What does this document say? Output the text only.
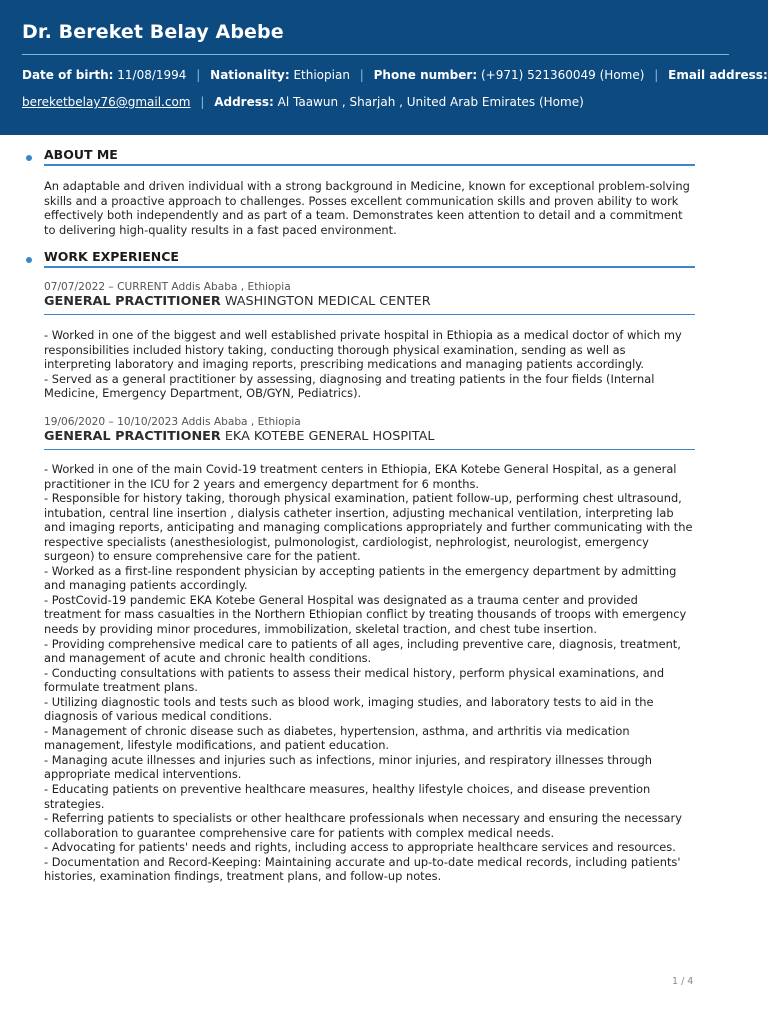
Dr. Bereket Belay Abebe
Date of birth: 11/08/1994 | Nationality: Ethiopian | Phone number: (+971) 521360049 (Home) | Email address:
bereketbelay76@gmail.com | Address: Al Taawun , Sharjah , United Arab Emirates (Home)
ABOUT ME
An adaptable and driven individual with a strong background in Medicine, known for exceptional problem-solving skills and a proactive approach to challenges. Posses excellent communication skills and proven ability to work effectively both independently and as part of a team. Demonstrates keen attention to detail and a commitment to delivering high-quality results in a fast paced environment.
WORK EXPERIENCE
07/07/2022 – CURRENT Addis Ababa , Ethiopia
GENERAL PRACTITIONER WASHINGTON MEDICAL CENTER
- Worked in one of the biggest and well established private hospital in Ethiopia as a medical doctor of which my responsibilities included history taking, conducting thorough physical examination, sending as well as interpreting laboratory and imaging reports, prescribing medications and managing patients accordingly.
- Served as a general practitioner by assessing, diagnosing and treating patients in the four fields (Internal Medicine, Emergency Department, OB/GYN, Pediatrics).
19/06/2020 – 10/10/2023 Addis Ababa , Ethiopia
GENERAL PRACTITIONER EKA KOTEBE GENERAL HOSPITAL
- Worked in one of the main Covid-19 treatment centers in Ethiopia, EKA Kotebe General Hospital, as a general practitioner in the ICU for 2 years and emergency department for 6 months.
- Responsible for history taking, thorough physical examination, patient follow-up, performing chest ultrasound, intubation, central line insertion , dialysis catheter insertion, adjusting mechanical ventilation, interpreting lab and imaging reports, anticipating and managing complications appropriately and further communicating with the respective specialists (anesthesiologist, pulmonologist, cardiologist, nephrologist, neurologist, emergency surgeon) to ensure comprehensive care for the patient.
- Worked as a first-line respondent physician by accepting patients in the emergency department by admitting and managing patients accordingly.
- PostCovid-19 pandemic EKA Kotebe General Hospital was designated as a trauma center and provided treatment for mass casualties in the Northern Ethiopian conflict by treating thousands of troops with emergency needs by providing minor procedures, immobilization, skeletal traction, and chest tube insertion.
- Providing comprehensive medical care to patients of all ages, including preventive care, diagnosis, treatment, and management of acute and chronic health conditions.
- Conducting consultations with patients to assess their medical history, perform physical examinations, and formulate treatment plans.
- Utilizing diagnostic tools and tests such as blood work, imaging studies, and laboratory tests to aid in the diagnosis of various medical conditions.
- Management of chronic disease such as diabetes, hypertension, asthma, and arthritis via medication management, lifestyle modifications, and patient education.
- Managing acute illnesses and injuries such as infections, minor injuries, and respiratory illnesses through appropriate medical interventions.
- Educating patients on preventive healthcare measures, healthy lifestyle choices, and disease prevention strategies.
- Referring patients to specialists or other healthcare professionals when necessary and ensuring the necessary collaboration to guarantee comprehensive care for patients with complex medical needs.
- Advocating for patients' needs and rights, including access to appropriate healthcare services and resources.
- Documentation and Record-Keeping: Maintaining accurate and up-to-date medical records, including patients' histories, examination findings, treatment plans, and follow-up notes.
1 / 4
